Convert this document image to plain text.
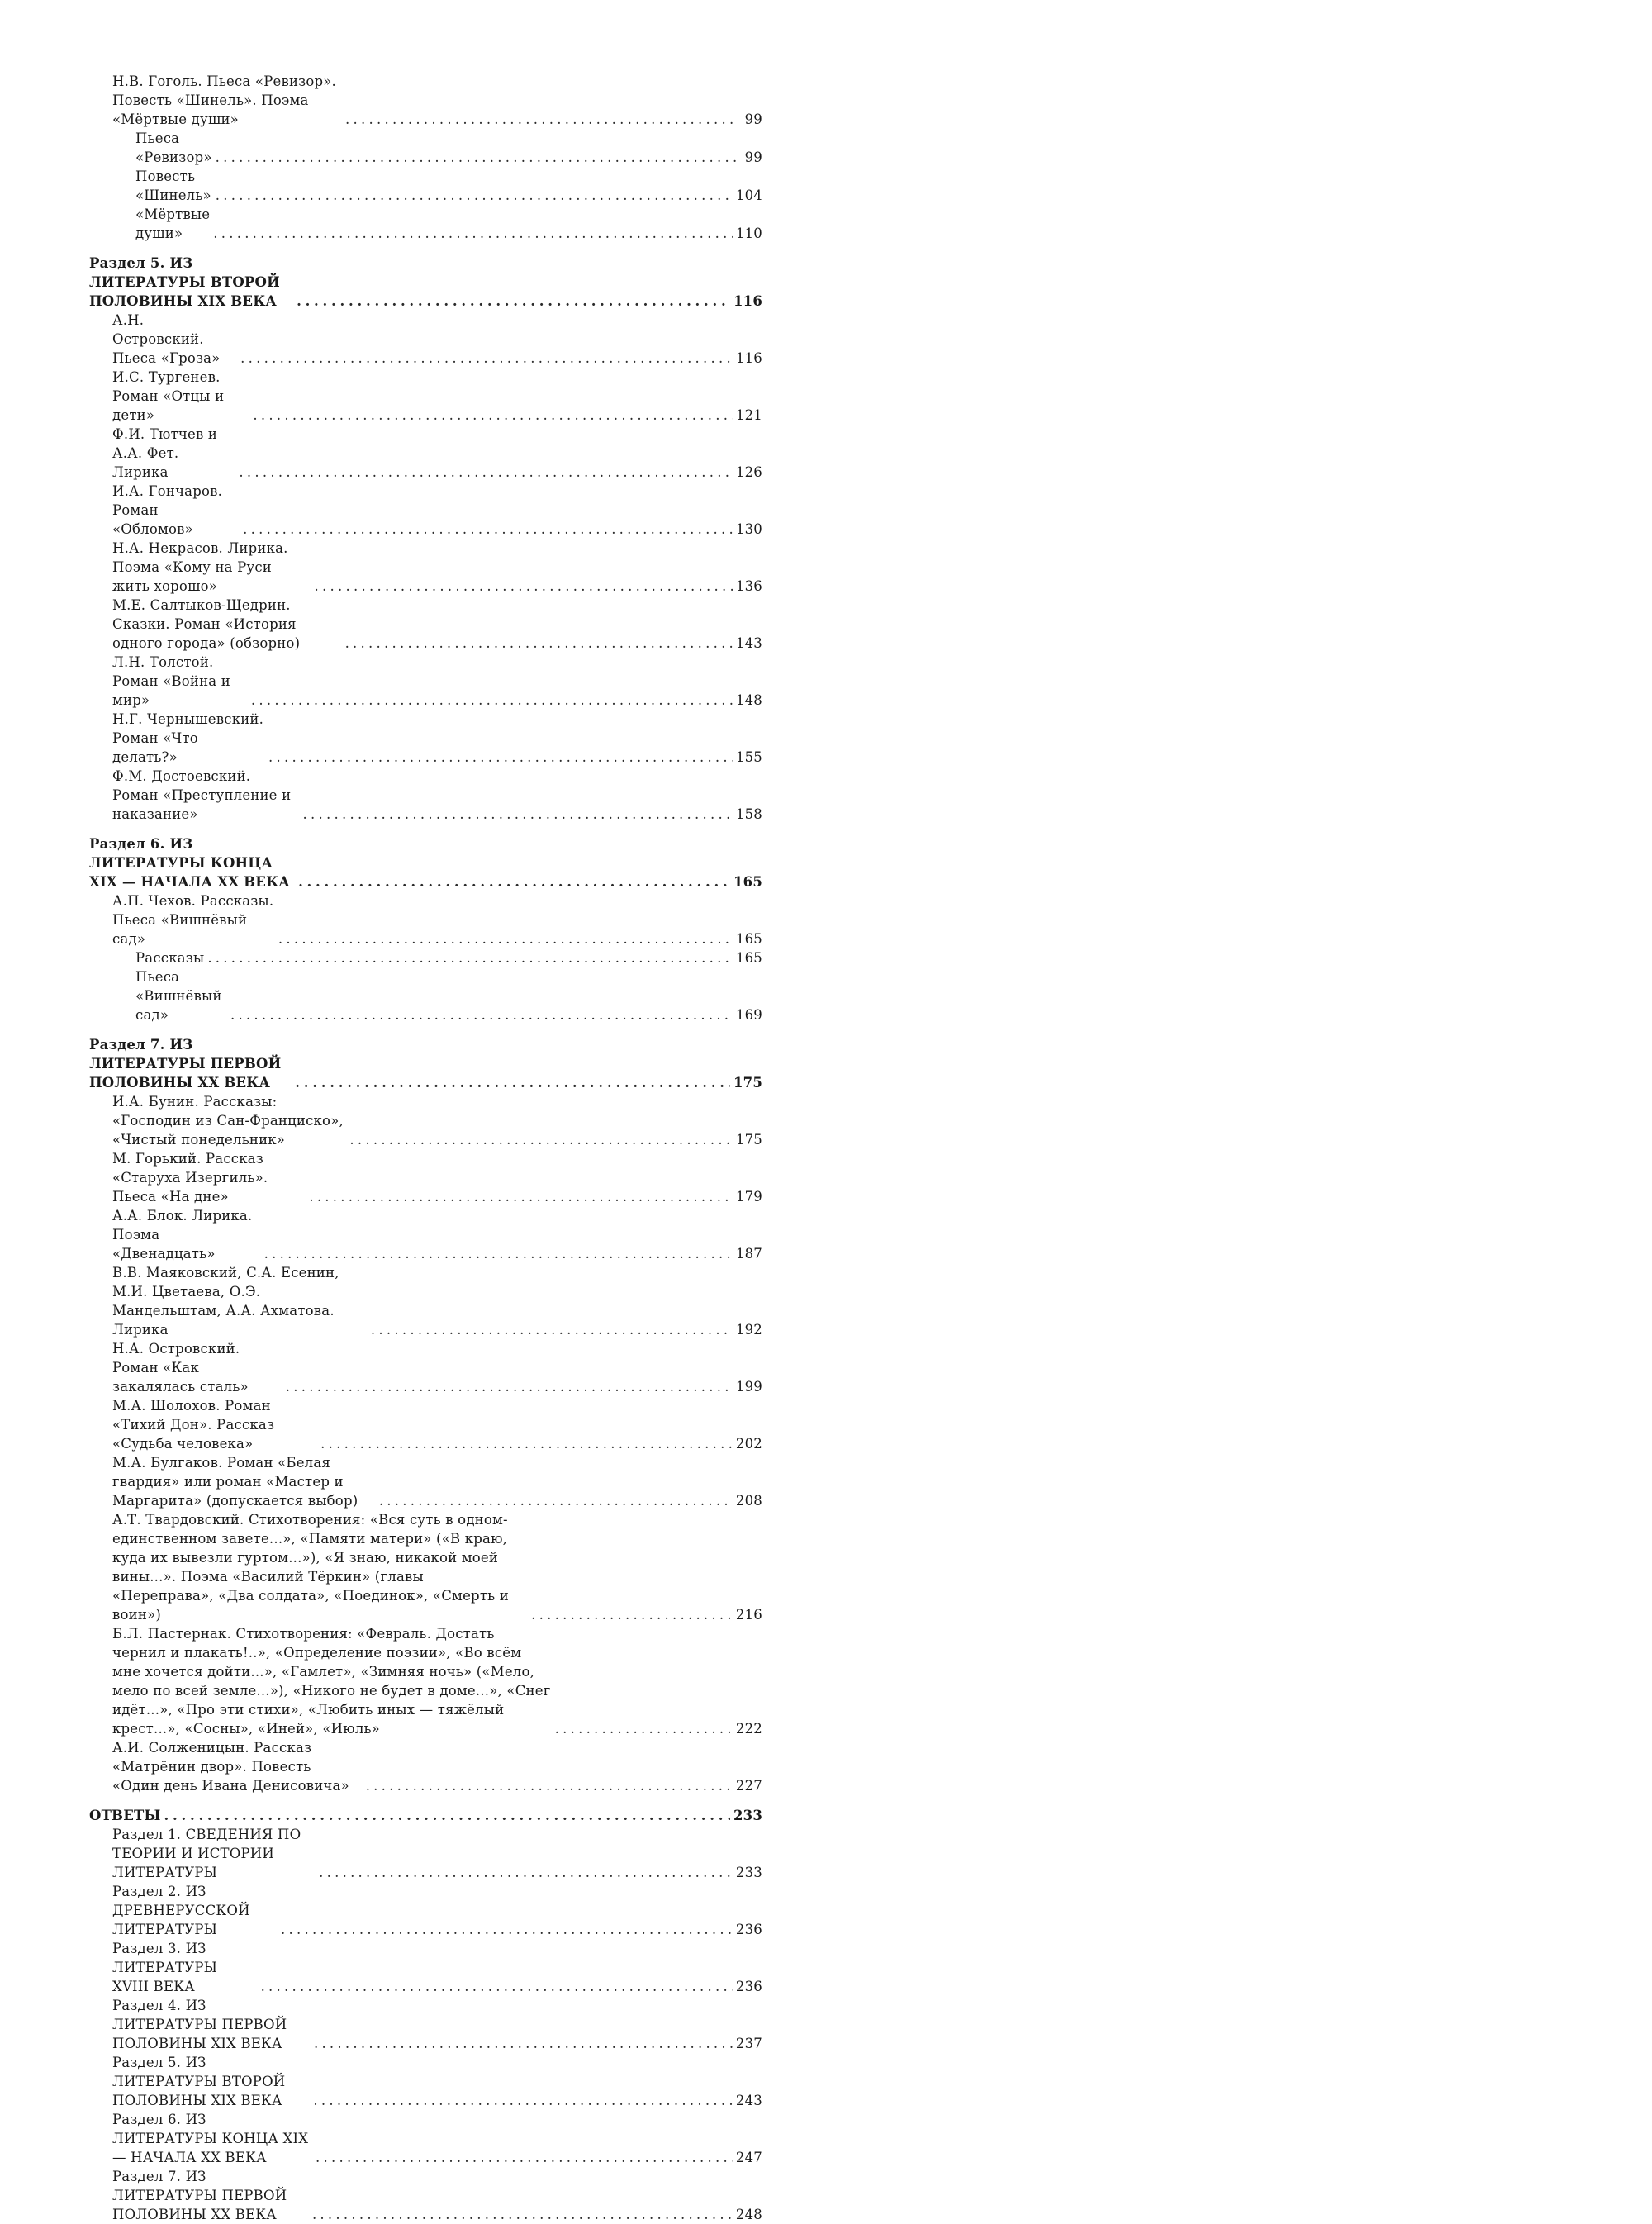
Н.В. Гоголь. Пьеса «Ревизор». Повесть «Шинель». Поэма «Мёртвые души» . . .	99
Пьеса «Ревизор» . . .	99
Повесть «Шинель» . . .	104
«Мёртвые души» . . .	110
Раздел 5. ИЗ ЛИТЕРАТУРЫ ВТОРОЙ ПОЛОВИНЫ XIX ВЕКА . . .	116
А.Н. Островский. Пьеса «Гроза» . . .	116
И.С. Тургенев. Роман «Отцы и дети» . . .	121
Ф.И. Тютчев и А.А. Фет. Лирика . . .	126
И.А. Гончаров. Роман «Обломов» . . .	130
Н.А. Некрасов. Лирика. Поэма «Кому на Руси жить хорошо» . . .	136
М.Е. Салтыков-Щедрин. Сказки. Роман «История одного города» (обзорно) . . .	143
Л.Н. Толстой. Роман «Война и мир» . . .	148
Н.Г. Чернышевский. Роман «Что делать?» . . .	155
Ф.М. Достоевский. Роман «Преступление и наказание» . . .	158
Раздел 6. ИЗ ЛИТЕРАТУРЫ КОНЦА XIX — НАЧАЛА XX ВЕКА . . .	165
А.П. Чехов. Рассказы. Пьеса «Вишнёвый сад» . . .	165
Рассказы . . .	165
Пьеса «Вишнёвый сад» . . .	169
Раздел 7. ИЗ ЛИТЕРАТУРЫ ПЕРВОЙ ПОЛОВИНЫ XX ВЕКА . . .	175
И.А. Бунин. Рассказы: «Господин из Сан-Франциско», «Чистый понедельник» . . .	175
М. Горький. Рассказ «Старуха Изергиль». Пьеса «На дне» . . .	179
А.А. Блок. Лирика. Поэма «Двенадцать» . . .	187
В.В. Маяковский, С.А. Есенин, М.И. Цветаева, О.Э. Мандельштам, А.А. Ахматова. Лирика . . .	192
Н.А. Островский. Роман «Как закалялась сталь» . . .	199
М.А. Шолохов. Роман «Тихий Дон». Рассказ «Судьба человека» . . .	202
М.А. Булгаков. Роман «Белая гвардия» или роман «Мастер и Маргарита» (допускается выбор) . . .	208
А.Т. Твардовский. Стихотворения: «Вся суть в одном-единственном завете...», «Памяти матери» («В краю, куда их вывезли гуртом...»), «Я знаю, никакой моей вины...». Поэма «Василий Тёркин» (главы «Переправа», «Два солдата», «Поединок», «Смерть и воин») . . .	216
Б.Л. Пастернак. Стихотворения: «Февраль. Достать чернил и плакать!..», «Определение поэзии», «Во всём мне хочется дойти...», «Гамлет», «Зимняя ночь» («Мело, мело по всей земле...»), «Никого не будет в доме...», «Снег идёт...», «Про эти стихи», «Любить иных — тяжёлый крест...», «Сосны», «Иней», «Июль» . . .	222
А.И. Солженицын. Рассказ «Матрёнин двор». Повесть «Один день Ивана Денисовича» . . .	227
ОТВЕТЫ . . .	233
Раздел 1. СВЕДЕНИЯ ПО ТЕОРИИ И ИСТОРИИ ЛИТЕРАТУРЫ . . .	233
Раздел 2. ИЗ ДРЕВНЕРУССКОЙ ЛИТЕРАТУРЫ . . .	236
Раздел 3. ИЗ ЛИТЕРАТУРЫ XVIII ВЕКА . . .	236
Раздел 4. ИЗ ЛИТЕРАТУРЫ ПЕРВОЙ ПОЛОВИНЫ XIX ВЕКА . . .	237
Раздел 5. ИЗ ЛИТЕРАТУРЫ ВТОРОЙ ПОЛОВИНЫ XIX ВЕКА . . .	243
Раздел 6. ИЗ ЛИТЕРАТУРЫ КОНЦА XIX — НАЧАЛА XX ВЕКА . . .	247
Раздел 7. ИЗ ЛИТЕРАТУРЫ ПЕРВОЙ ПОЛОВИНЫ XX ВЕКА . . .	248
